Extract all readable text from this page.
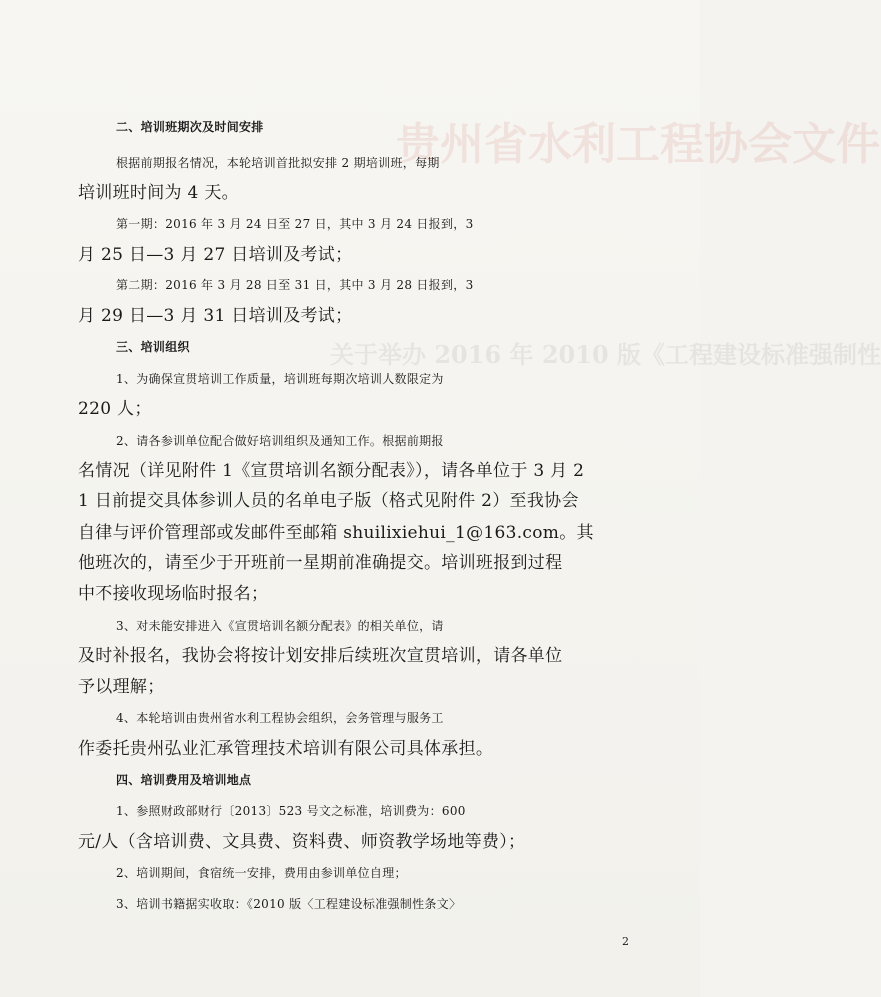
贵州省水利工程协会文件
关于举办 2016 年 2010 版《工程建设标准强制性
二、培训班期次及时间安排
根据前期报名情况，本轮培训首批拟安排 2 期培训班，每期
培训班时间为 4 天。
第一期：2016 年 3 月 24 日至 27 日，其中 3 月 24 日报到，3
月 25 日—3 月 27 日培训及考试；
第二期：2016 年 3 月 28 日至 31 日，其中 3 月 28 日报到，3
月 29 日—3 月 31 日培训及考试；
三、培训组织
1、为确保宣贯培训工作质量，培训班每期次培训人数限定为
220 人；
2、请各参训单位配合做好培训组织及通知工作。根据前期报
名情况（详见附件 1《宣贯培训名额分配表》），请各单位于 3 月 2
1 日前提交具体参训人员的名单电子版（格式见附件 2）至我协会
自律与评价管理部或发邮件至邮箱 shuilixiehui_1@163.com。其
他班次的，请至少于开班前一星期前准确提交。培训班报到过程
中不接收现场临时报名；
3、对未能安排进入《宣贯培训名额分配表》的相关单位，请
及时补报名，我协会将按计划安排后续班次宣贯培训，请各单位
予以理解；
4、本轮培训由贵州省水利工程协会组织，会务管理与服务工
作委托贵州弘业汇承管理技术培训有限公司具体承担。
四、培训费用及培训地点
1、参照财政部财行〔2013〕523 号文之标准，培训费为：600
元/人（含培训费、文具费、资料费、师资教学场地等费）；
2、培训期间，食宿统一安排，费用由参训单位自理；
3、培训书籍据实收取：《2010 版〈工程建设标准强制性条文〉
2
